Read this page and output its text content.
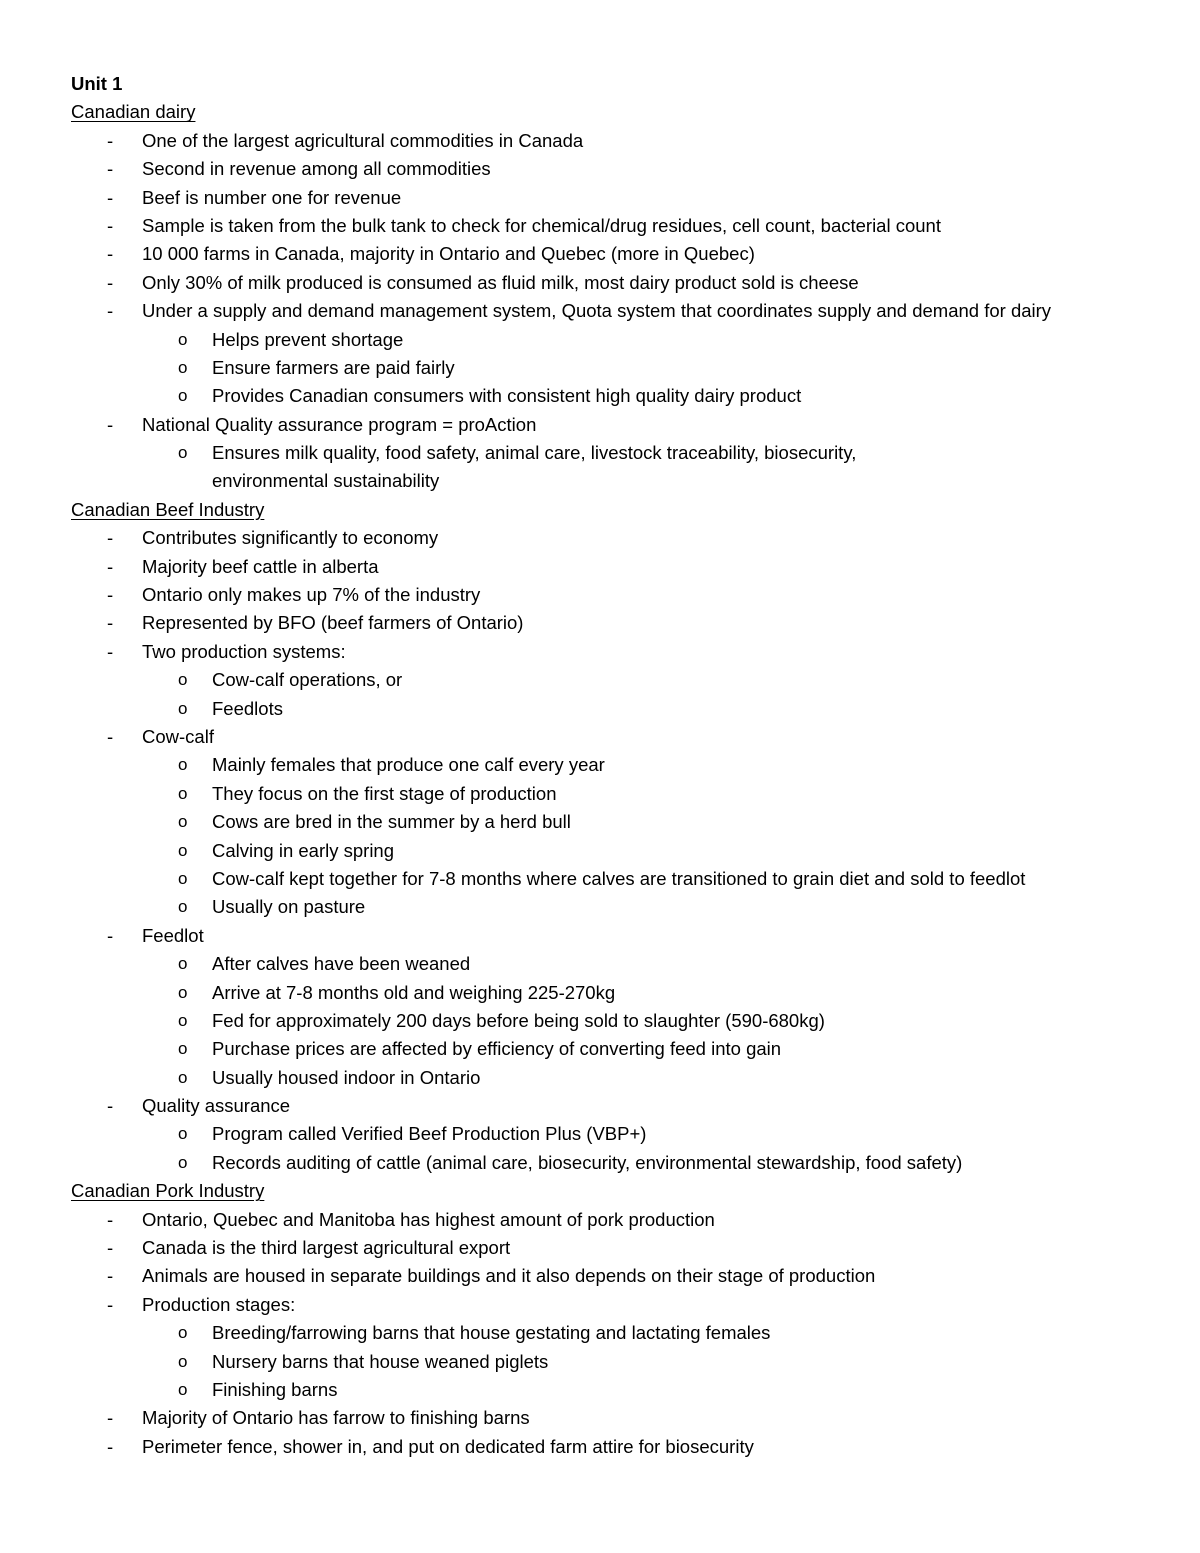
Unit 1
Canadian dairy
- One of the largest agricultural commodities in Canada
- Second in revenue among all commodities
- Beef is number one for revenue
- Sample is taken from the bulk tank to check for chemical/drug residues, cell count, bacterial count
- 10 000 farms in Canada, majority in Ontario and Quebec (more in Quebec)
- Only 30% of milk produced is consumed as fluid milk, most dairy product sold is cheese
- Under a supply and demand management system, Quota system that coordinates supply and demand for dairy
o Helps prevent shortage
o Ensure farmers are paid fairly
o Provides Canadian consumers with consistent high quality dairy product
- National Quality assurance program = proAction
o Ensures milk quality, food safety, animal care, livestock traceability, biosecurity,
environmental sustainability
Canadian Beef Industry
- Contributes significantly to economy
- Majority beef cattle in alberta
- Ontario only makes up 7% of the industry
- Represented by BFO (beef farmers of Ontario)
- Two production systems:
o Cow-calf operations, or
o Feedlots
- Cow-calf
o Mainly females that produce one calf every year
o They focus on the first stage of production
o Cows are bred in the summer by a herd bull
o Calving in early spring
o Cow-calf kept together for 7-8 months where calves are transitioned to grain diet and sold to feedlot
o Usually on pasture
- Feedlot
o After calves have been weaned
o Arrive at 7-8 months old and weighing 225-270kg
o Fed for approximately 200 days before being sold to slaughter (590-680kg)
o Purchase prices are affected by efficiency of converting feed into gain
o Usually housed indoor in Ontario
- Quality assurance
o Program called Verified Beef Production Plus (VBP+)
o Records auditing of cattle (animal care, biosecurity, environmental stewardship, food safety)
Canadian Pork Industry
- Ontario, Quebec and Manitoba has highest amount of pork production
- Canada is the third largest agricultural export
- Animals are housed in separate buildings and it also depends on their stage of production
- Production stages:
o Breeding/farrowing barns that house gestating and lactating females
o Nursery barns that house weaned piglets
o Finishing barns
- Majority of Ontario has farrow to finishing barns
- Perimeter fence, shower in, and put on dedicated farm attire for biosecurity
